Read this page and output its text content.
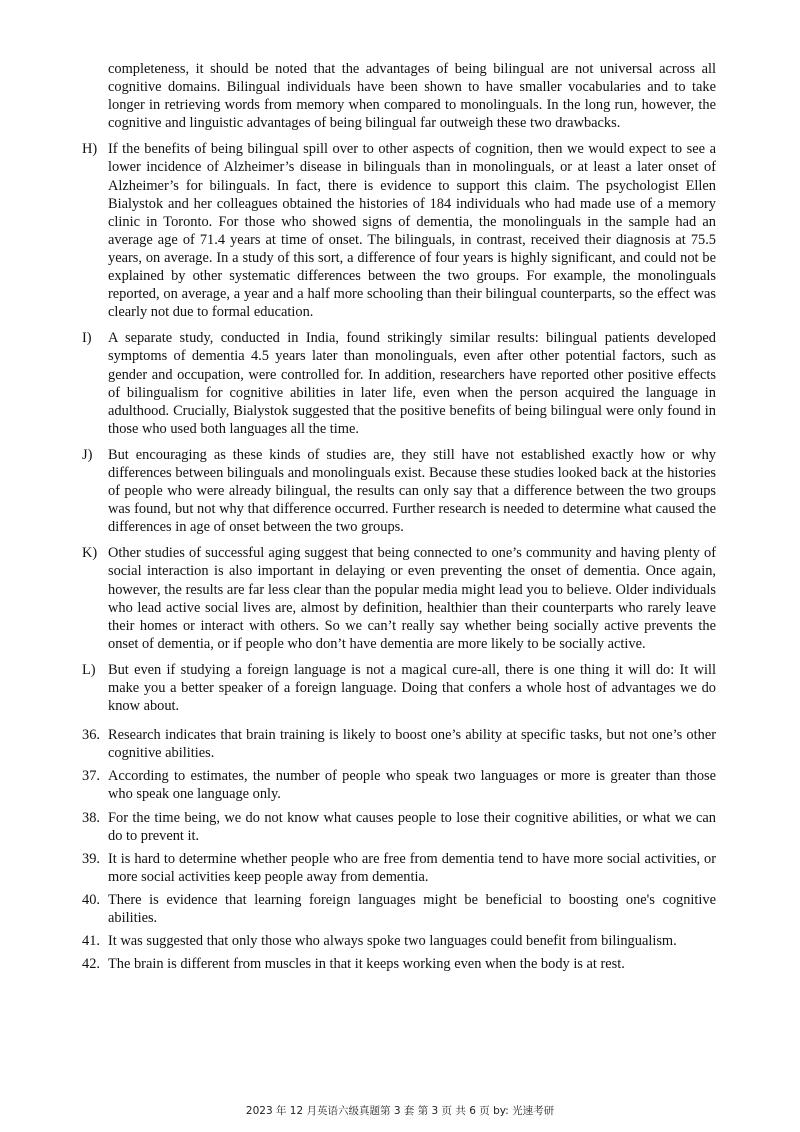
completeness, it should be noted that the advantages of being bilingual are not universal across all cognitive domains. Bilingual individuals have been shown to have smaller vocabularies and to take longer in retrieving words from memory when compared to monolinguals. In the long run, however, the cognitive and linguistic advantages of being bilingual far outweigh these two drawbacks.

H) If the benefits of being bilingual spill over to other aspects of cognition, then we would expect to see a lower incidence of Alzheimer’s disease in bilinguals than in monolinguals, or at least a later onset of Alzheimer’s for bilinguals. In fact, there is evidence to support this claim. The psychologist Ellen Bialystok and her colleagues obtained the histories of 184 individuals who had made use of a memory clinic in Toronto. For those who showed signs of dementia, the monolinguals in the sample had an average age of 71.4 years at time of onset. The bilinguals, in contrast, received their diagnosis at 75.5 years, on average. In a study of this sort, a difference of four years is highly significant, and could not be explained by other systematic differences between the two groups. For example, the monolinguals reported, on average, a year and a half more schooling than their bilingual counterparts, so the effect was clearly not due to formal education.

I) A separate study, conducted in India, found strikingly similar results: bilingual patients developed symptoms of dementia 4.5 years later than monolinguals, even after other potential factors, such as gender and occupation, were controlled for. In addition, researchers have reported other positive effects of bilingualism for cognitive abilities in later life, even when the person acquired the language in adulthood. Crucially, Bialystok suggested that the positive benefits of being bilingual were only found in those who used both languages all the time.

J) But encouraging as these kinds of studies are, they still have not established exactly how or why differences between bilinguals and monolinguals exist. Because these studies looked back at the histories of people who were already bilingual, the results can only say that a difference between the two groups was found, but not why that difference occurred. Further research is needed to determine what caused the differences in age of onset between the two groups.

K) Other studies of successful aging suggest that being connected to one’s community and having plenty of social interaction is also important in delaying or even preventing the onset of dementia. Once again, however, the results are far less clear than the popular media might lead you to believe. Older individuals who lead active social lives are, almost by definition, healthier than their counterparts who rarely leave their homes or interact with others. So we can’t really say whether being socially active prevents the onset of dementia, or if people who don’t have dementia are more likely to be socially active.

L) But even if studying a foreign language is not a magical cure-all, there is one thing it will do: It will make you a better speaker of a foreign language. Doing that confers a whole host of advantages we do know about.

36. Research indicates that brain training is likely to boost one’s ability at specific tasks, but not one’s other cognitive abilities.

37. According to estimates, the number of people who speak two languages or more is greater than those who speak one language only.

38. For the time being, we do not know what causes people to lose their cognitive abilities, or what we can do to prevent it.

39. It is hard to determine whether people who are free from dementia tend to have more social activities, or more social activities keep people away from dementia.

40. There is evidence that learning foreign languages might be beneficial to boosting one's cognitive abilities.

41. It was suggested that only those who always spoke two languages could benefit from bilingualism.

42. The brain is different from muscles in that it keeps working even when the body is at rest.

2023 年 12 月英语六级真题第 3 套 第 3 页 共 6 页 by: 光速考研
